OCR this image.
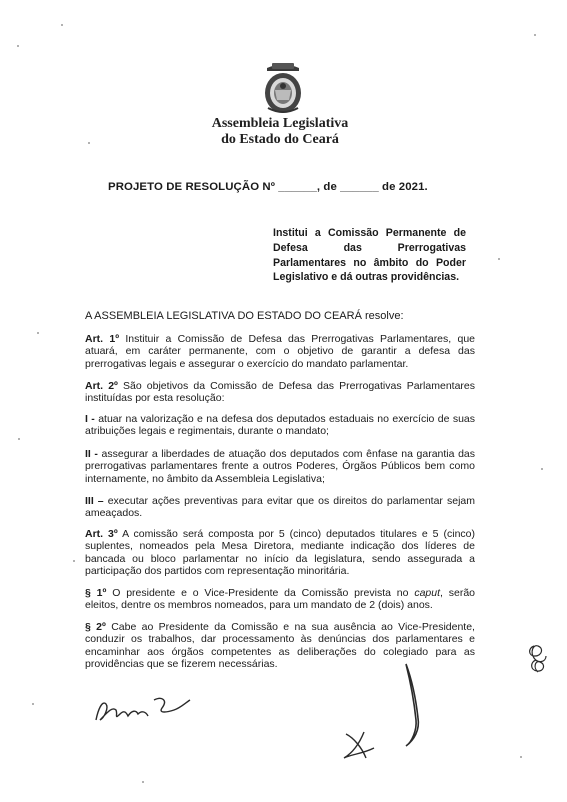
Assembleia Legislativa
do Estado do Ceará
PROJETO DE RESOLUÇÃO Nº ______, de ______ de 2021.
Institui a Comissão Permanente de Defesa das Prerrogativas Parlamentares no âmbito do Poder Legislativo e dá outras providências.
A ASSEMBLEIA LEGISLATIVA DO ESTADO DO CEARÁ resolve:
Art. 1º Instituir a Comissão de Defesa das Prerrogativas Parlamentares, que atuará, em caráter permanente, com o objetivo de garantir a defesa das prerrogativas legais e assegurar o exercício do mandato parlamentar.
Art. 2º São objetivos da Comissão de Defesa das Prerrogativas Parlamentares instituídas por esta resolução:
I - atuar na valorização e na defesa dos deputados estaduais no exercício de suas atribuições legais e regimentais, durante o mandato;
II - assegurar a liberdades de atuação dos deputados com ênfase na garantia das prerrogativas parlamentares frente a outros Poderes, Órgãos Públicos bem como internamente, no âmbito da Assembleia Legislativa;
III – executar ações preventivas para evitar que os direitos do parlamentar sejam ameaçados.
Art. 3º A comissão será composta por 5 (cinco) deputados titulares e 5 (cinco) suplentes, nomeados pela Mesa Diretora, mediante indicação dos líderes de bancada ou bloco parlamentar no início da legislatura, sendo assegurada a participação dos partidos com representação minoritária.
§ 1º O presidente e o Vice-Presidente da Comissão prevista no caput, serão eleitos, dentre os membros nomeados, para um mandato de 2 (dois) anos.
§ 2º Cabe ao Presidente da Comissão e na sua ausência ao Vice-Presidente, conduzir os trabalhos, dar processamento às denúncias dos parlamentares e encaminhar aos órgãos competentes as deliberações do colegiado para as providências que se fizerem necessárias.
